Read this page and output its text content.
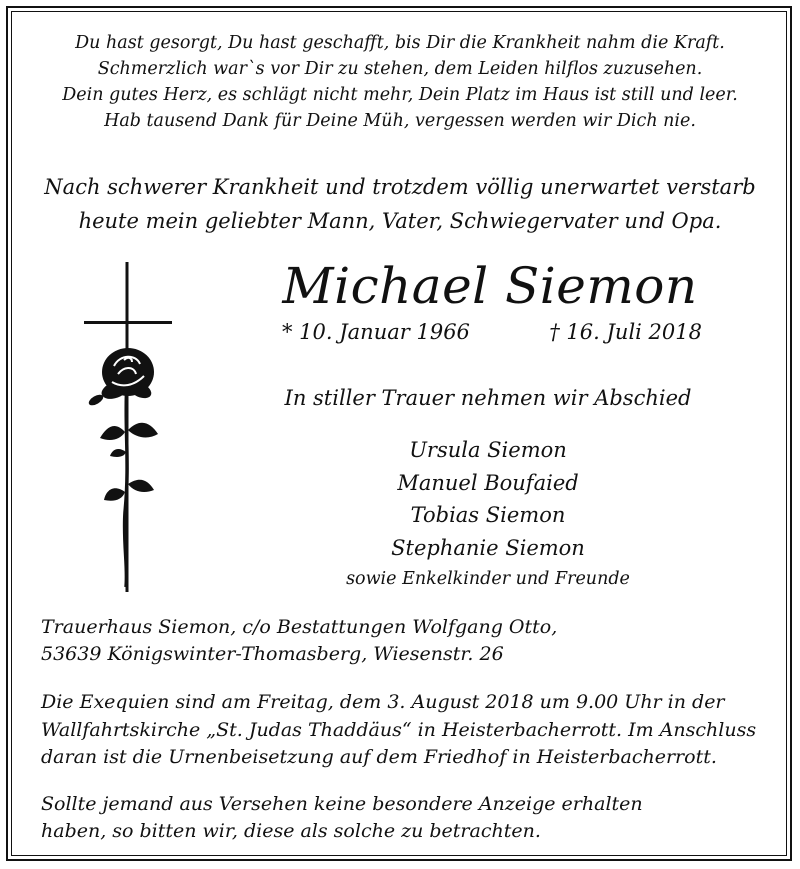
Du hast gesorgt, Du hast geschafft, bis Dir die Krankheit nahm die Kraft.
Schmerzlich war`s vor Dir zu stehen, dem Leiden hilflos zuzusehen.
Dein gutes Herz, es schlägt nicht mehr, Dein Platz im Haus ist still und leer.
Hab tausend Dank für Deine Müh, vergessen werden wir Dich nie.
Nach schwerer Krankheit und trotzdem völlig unerwartet verstarb
heute mein geliebter Mann, Vater, Schwiegervater und Opa.
Michael Siemon
* 10. Januar 1966	† 16. Juli 2018
In stiller Trauer nehmen wir Abschied
Ursula Siemon
Manuel Boufaied
Tobias Siemon
Stephanie Siemon
sowie Enkelkinder und Freunde
Trauerhaus Siemon, c/o Bestattungen Wolfgang Otto,
53639 Königswinter-Thomasberg, Wiesenstr. 26
Die Exequien sind am Freitag, dem 3. August 2018 um 9.00 Uhr in der
Wallfahrtskirche „St. Judas Thaddäus“ in Heisterbacherrott. Im Anschluss
daran ist die Urnenbeisetzung auf dem Friedhof in Heisterbacherrott.
Sollte jemand aus Versehen keine besondere Anzeige erhalten
haben, so bitten wir, diese als solche zu betrachten.
